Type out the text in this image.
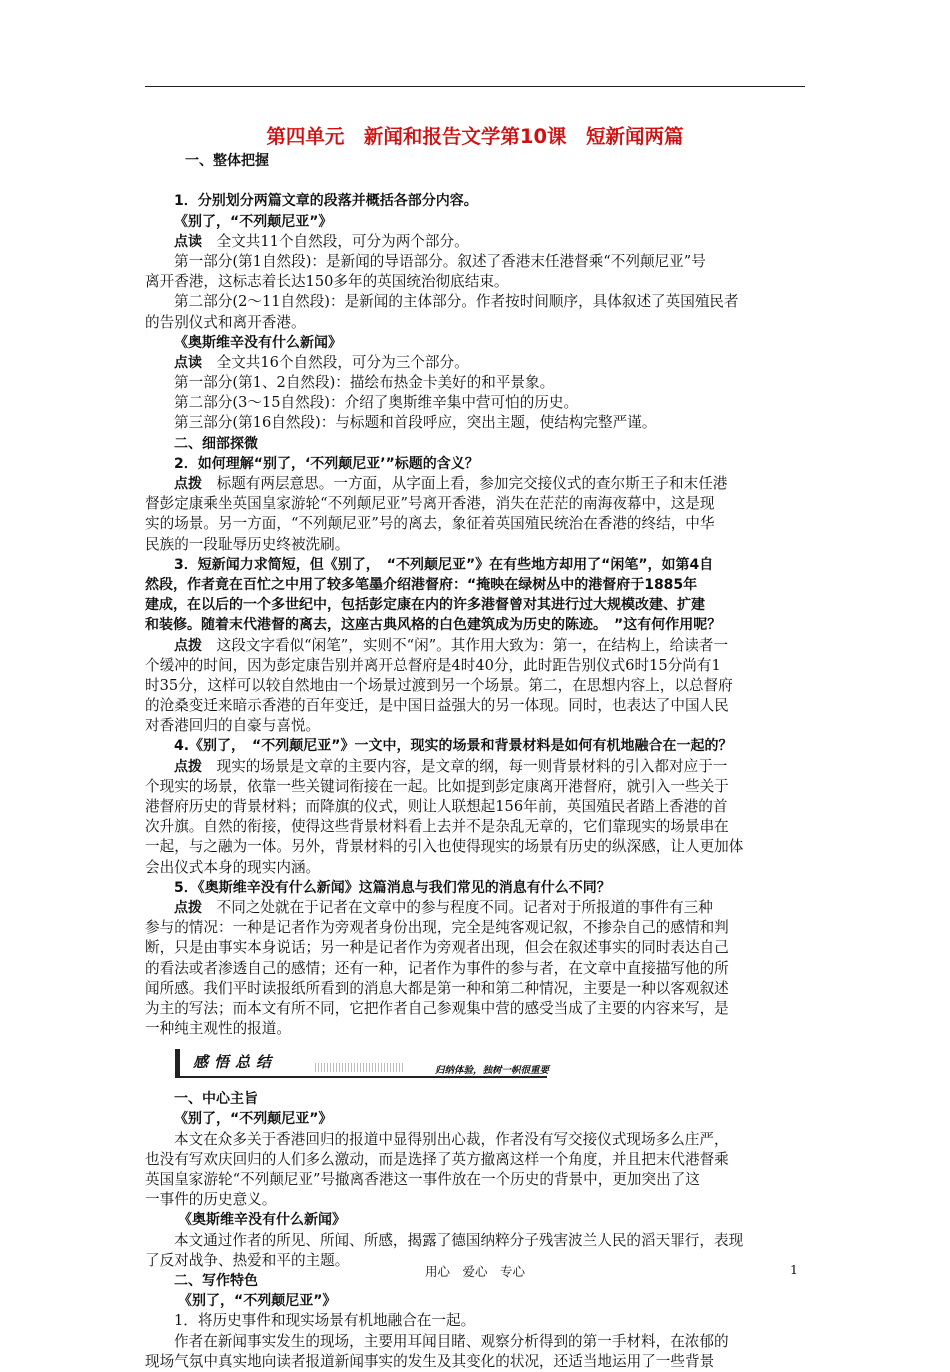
第四单元　新闻和报告文学第10课　短新闻两篇
一、整体把握
1．分别划分两篇文章的段落并概括各部分内容。
《别了，“不列颠尼亚”》
点读　全文共11个自然段，可分为两个部分。
第一部分(第1自然段)：是新闻的导语部分。叙述了香港末任港督乘“不列颠尼亚”号
离开香港，这标志着长达150多年的英国统治彻底结束。
第二部分(2～11自然段)：是新闻的主体部分。作者按时间顺序，具体叙述了英国殖民者
的告别仪式和离开香港。
《奥斯维辛没有什么新闻》
点读　全文共16个自然段，可分为三个部分。
第一部分(第1、2自然段)：描绘布热金卡美好的和平景象。
第二部分(3～15自然段)：介绍了奥斯维辛集中营可怕的历史。
第三部分(第16自然段)：与标题和首段呼应，突出主题，使结构完整严谨。
二、细部探微
2．如何理解“别了，‘不列颠尼亚’”标题的含义？
点拨　标题有两层意思。一方面，从字面上看，参加完交接仪式的查尔斯王子和末任港
督彭定康乘坐英国皇家游轮“不列颠尼亚”号离开香港，消失在茫茫的南海夜幕中，这是现
实的场景。另一方面，“不列颠尼亚”号的离去，象征着英国殖民统治在香港的终结，中华
民族的一段耻辱历史终被洗刷。
3．短新闻力求简短，但《别了，　“不列颠尼亚”》在有些地方却用了“闲笔”，如第4自
然段，作者竟在百忙之中用了较多笔墨介绍港督府：“掩映在绿树丛中的港督府于1885年
建成，在以后的一个多世纪中，包括彭定康在内的许多港督曾对其进行过大规模改建、扩建
和装修。随着末代港督的离去，这座古典风格的白色建筑成为历史的陈迹。　”这有何作用呢？
点拨　这段文字看似“闲笔”，实则不“闲”。其作用大致为：第一，在结构上，给读者一
个缓冲的时间，因为彭定康告别并离开总督府是4时40分，此时距告别仪式6时15分尚有1
时35分，这样可以较自然地由一个场景过渡到另一个场景。第二，在思想内容上，以总督府
的沧桑变迁来暗示香港的百年变迁，是中国日益强大的另一体现。同时，也表达了中国人民
对香港回归的自豪与喜悦。
4.《别了，　“不列颠尼亚”》一文中，现实的场景和背景材料是如何有机地融合在一起的？
点拨　现实的场景是文章的主要内容，是文章的纲，每一则背景材料的引入都对应于一
个现实的场景，依靠一些关键词衔接在一起。比如提到彭定康离开港督府，就引入一些关于
港督府历史的背景材料；而降旗的仪式，则让人联想起156年前，英国殖民者踏上香港的首
次升旗。自然的衔接，使得这些背景材料看上去并不是杂乱无章的，它们靠现实的场景串在
一起，与之融为一体。另外，背景材料的引入也使得现实的场景有历史的纵深感，让人更加体
会出仪式本身的现实内涵。
5．《奥斯维辛没有什么新闻》这篇消息与我们常见的消息有什么不同？
点拨　不同之处就在于记者在文章中的参与程度不同。记者对于所报道的事件有三种
参与的情况：一种是记者作为旁观者身份出现，完全是纯客观记叙，不掺杂自己的感情和判
断，只是由事实本身说话；另一种是记者作为旁观者出现，但会在叙述事实的同时表达自己
的看法或者渗透自己的感情；还有一种，记者作为事件的参与者，在文章中直接描写他的所
闻所感。我们平时读报纸所看到的消息大都是第一种和第二种情况，主要是一种以客观叙述
为主的写法；而本文有所不同，它把作者自己参观集中营的感受当成了主要的内容来写，是
一种纯主观性的报道。
感悟总结	归纳体验，独树一帜很重要
一、中心主旨
《别了，“不列颠尼亚”》
本文在众多关于香港回归的报道中显得别出心裁，作者没有写交接仪式现场多么庄严，
也没有写欢庆回归的人们多么激动，而是选择了英方撤离这样一个角度，并且把末代港督乘
英国皇家游轮“不列颠尼亚”号撤离香港这一事件放在一个历史的背景中，更加突出了这
一事件的历史意义。
《奥斯维辛没有什么新闻》
本文通过作者的所见、所闻、所感，揭露了德国纳粹分子残害波兰人民的滔天罪行，表现
了反对战争、热爱和平的主题。
二、写作特色
《别了，“不列颠尼亚”》
1．将历史事件和现实场景有机地融合在一起。
作者在新闻事实发生的现场，主要用耳闻目睹、观察分析得到的第一手材料，在浓郁的
现场气氛中真实地向读者报道新闻事实的发生及其变化的状况，还适当地运用了一些背景
用心　爱心　专心	1
